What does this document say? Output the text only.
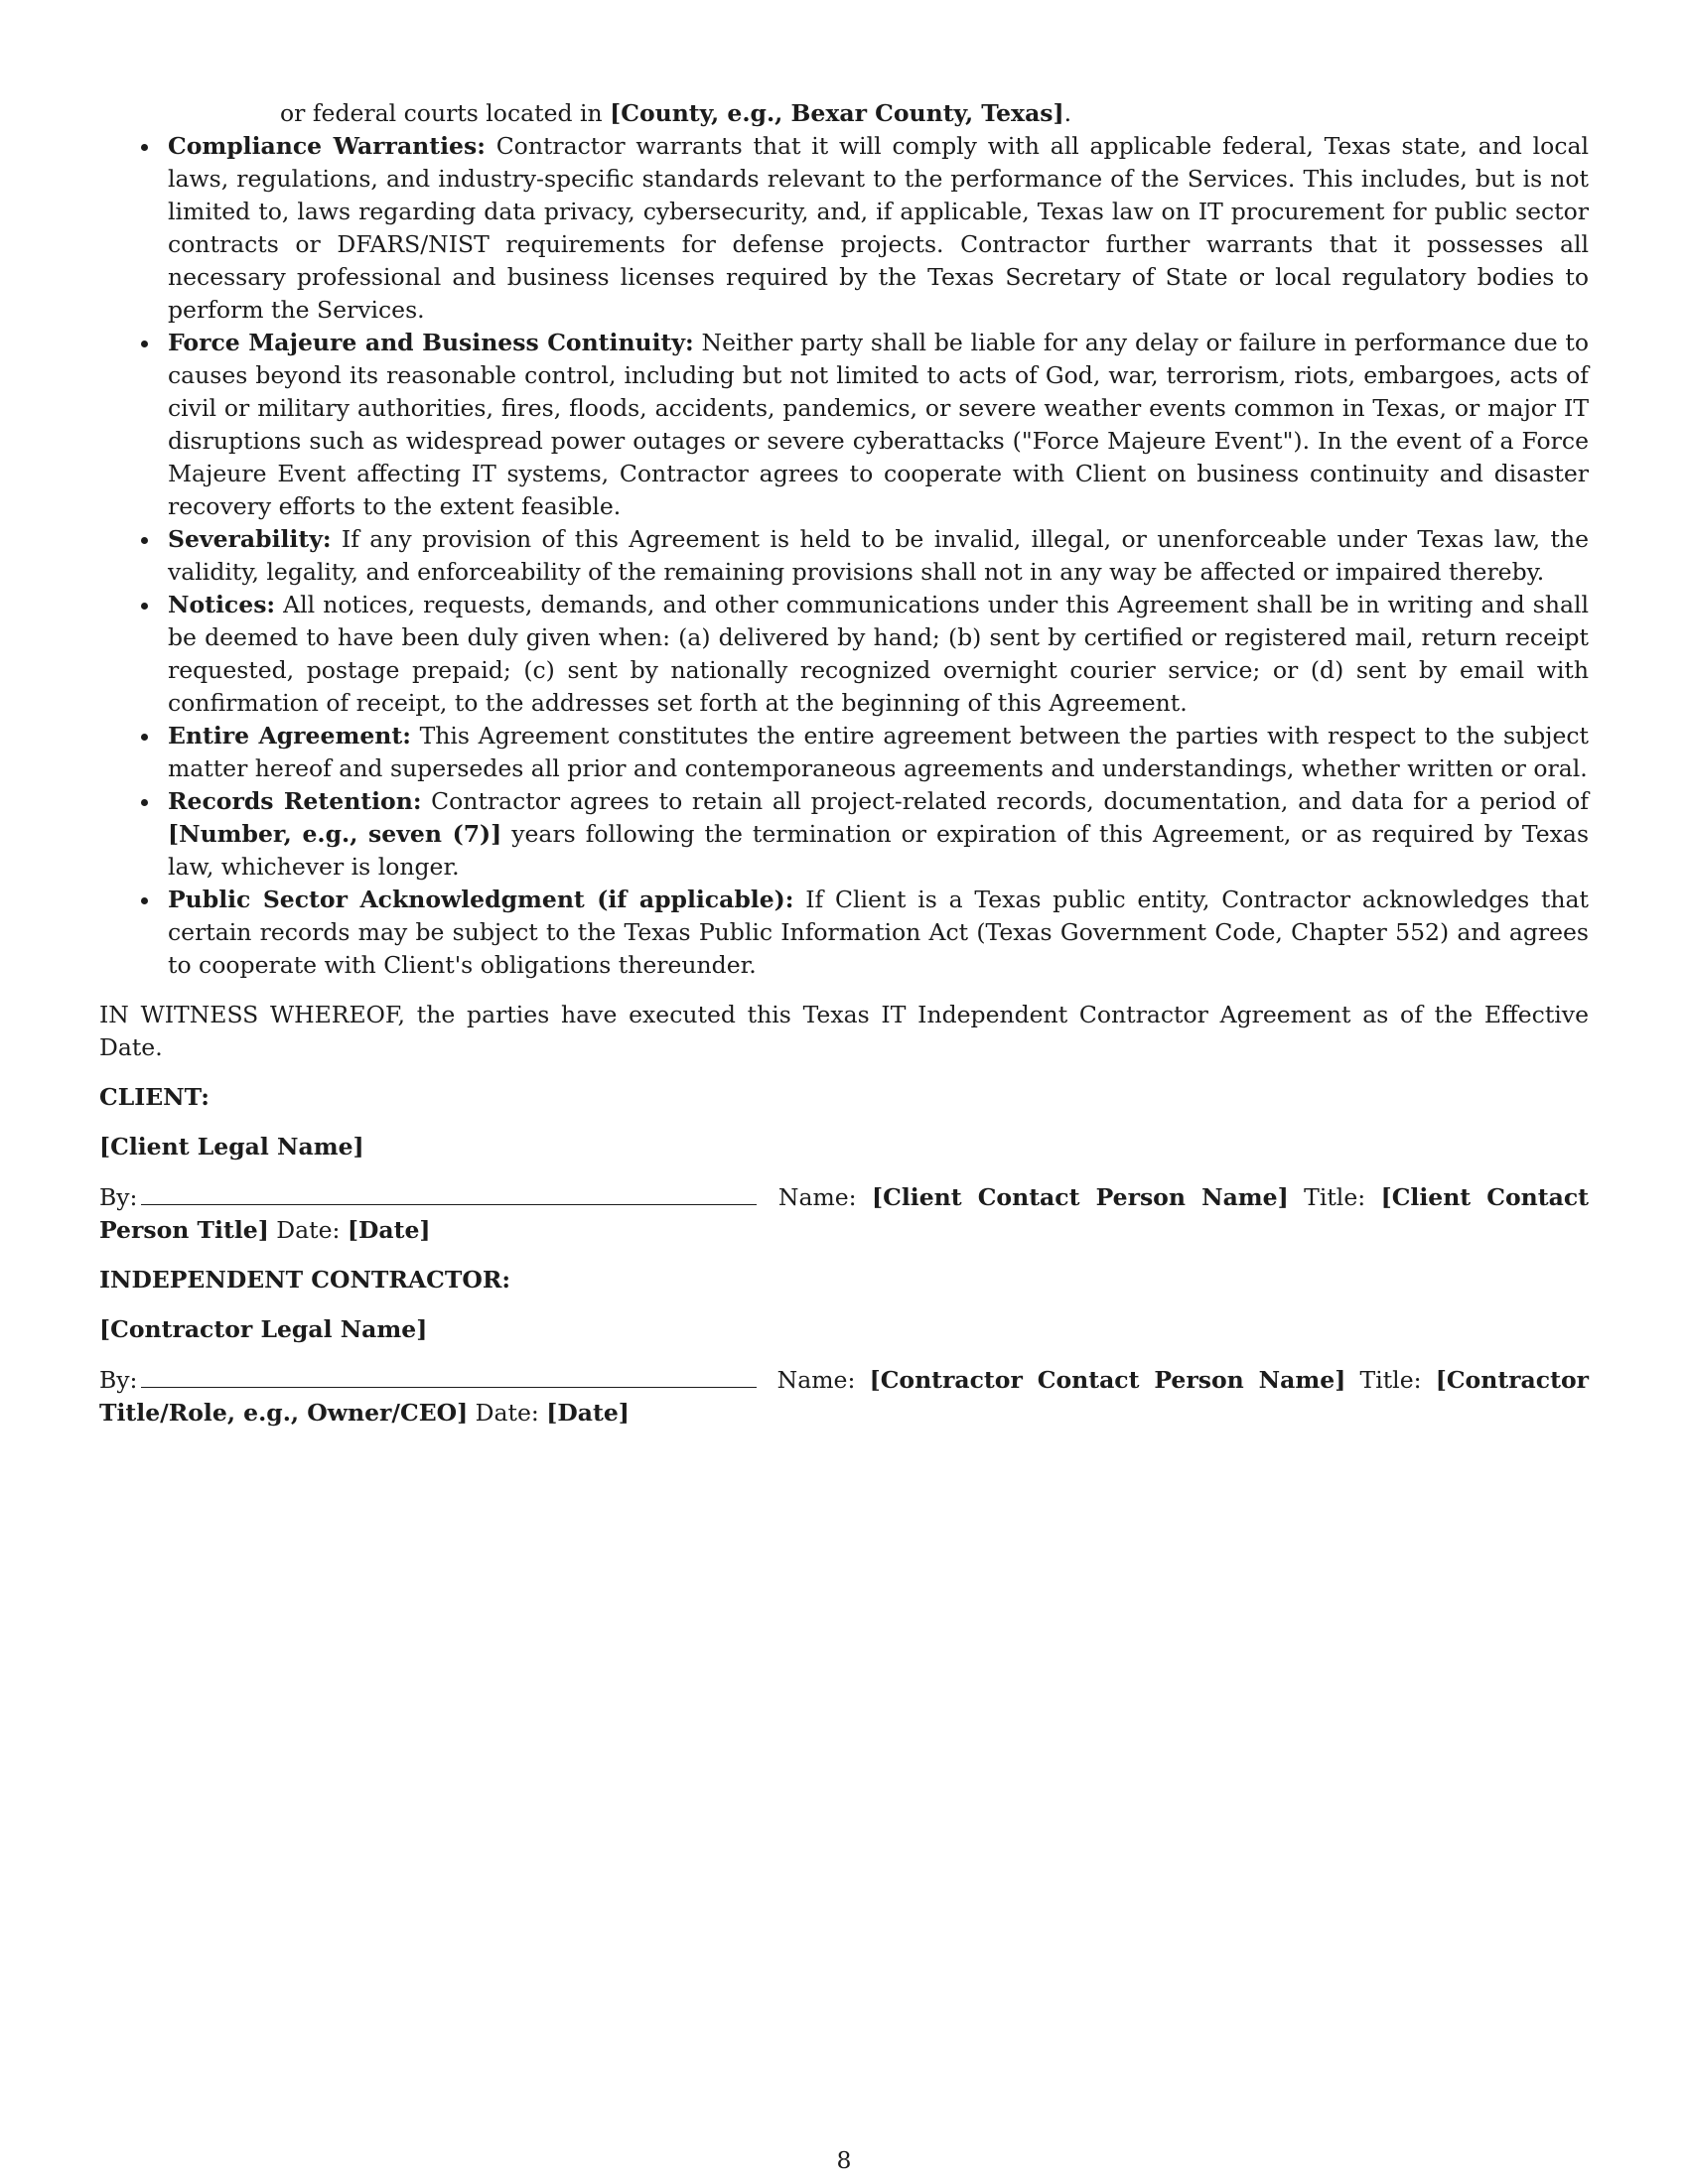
or federal courts located in [County, e.g., Bexar County, Texas].
Compliance Warranties: Contractor warrants that it will comply with all applicable federal, Texas state, and local laws, regulations, and industry-specific standards relevant to the performance of the Services. This includes, but is not limited to, laws regarding data privacy, cybersecurity, and, if applicable, Texas law on IT procurement for public sector contracts or DFARS/NIST requirements for defense projects. Contractor further warrants that it possesses all necessary professional and business licenses required by the Texas Secretary of State or local regulatory bodies to perform the Services.
Force Majeure and Business Continuity: Neither party shall be liable for any delay or failure in performance due to causes beyond its reasonable control, including but not limited to acts of God, war, terrorism, riots, embargoes, acts of civil or military authorities, fires, floods, accidents, pandemics, or severe weather events common in Texas, or major IT disruptions such as widespread power outages or severe cyberattacks ("Force Majeure Event"). In the event of a Force Majeure Event affecting IT systems, Contractor agrees to cooperate with Client on business continuity and disaster recovery efforts to the extent feasible.
Severability: If any provision of this Agreement is held to be invalid, illegal, or unenforceable under Texas law, the validity, legality, and enforceability of the remaining provisions shall not in any way be affected or impaired thereby.
Notices: All notices, requests, demands, and other communications under this Agreement shall be in writing and shall be deemed to have been duly given when: (a) delivered by hand; (b) sent by certified or registered mail, return receipt requested, postage prepaid; (c) sent by nationally recognized overnight courier service; or (d) sent by email with confirmation of receipt, to the addresses set forth at the beginning of this Agreement.
Entire Agreement: This Agreement constitutes the entire agreement between the parties with respect to the subject matter hereof and supersedes all prior and contemporaneous agreements and understandings, whether written or oral.
Records Retention: Contractor agrees to retain all project-related records, documentation, and data for a period of [Number, e.g., seven (7)] years following the termination or expiration of this Agreement, or as required by Texas law, whichever is longer.
Public Sector Acknowledgment (if applicable): If Client is a Texas public entity, Contractor acknowledges that certain records may be subject to the Texas Public Information Act (Texas Government Code, Chapter 552) and agrees to cooperate with Client's obligations thereunder.
IN WITNESS WHEREOF, the parties have executed this Texas IT Independent Contractor Agreement as of the Effective Date.
CLIENT:
[Client Legal Name]
By:	Name: [Client Contact Person Name] Title: [Client Contact Person Title] Date: [Date]
INDEPENDENT CONTRACTOR:
[Contractor Legal Name]
By:	Name: [Contractor Contact Person Name] Title: [Contractor Title/Role, e.g., Owner/CEO] Date: [Date]
8
